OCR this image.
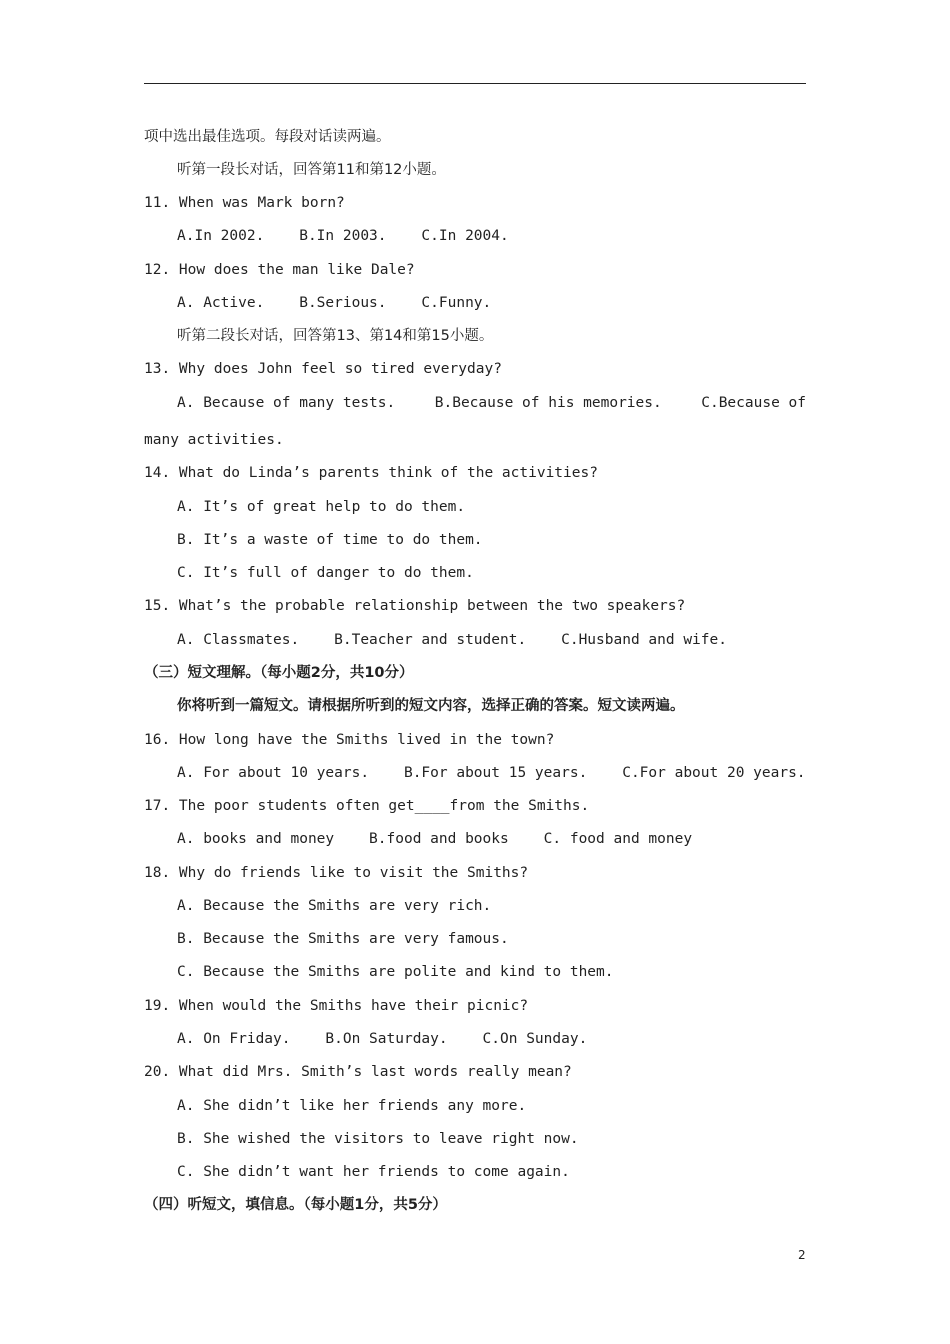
项中选出最佳选项。每段对话读两遍。
听第一段长对话，回答第11和第12小题。
11. When was Mark born?
A.In 2002.    B.In 2003.    C.In 2004.
12. How does the man like Dale?
A. Active.    B.Serious.    C.Funny.
听第二段长对话，回答第13、第14和第15小题。
13. Why does John feel so tired everyday?
A. Because of many tests.	B.Because of his memories.	C.Because of
many activities.
14. What do Linda’s parents think of the activities?
A. It’s of great help to do them.
B. It’s a waste of time to do them.
C. It’s full of danger to do them.
15. What’s the probable relationship between the two speakers?
A. Classmates.    B.Teacher and student.    C.Husband and wife.
（三）短文理解。（每小题2分，共10分）
你将听到一篇短文。请根据所听到的短文内容，选择正确的答案。短文读两遍。
16. How long have the Smiths lived in the town?
A. For about 10 years.    B.For about 15 years.    C.For about 20 years.
17. The poor students often get____from the Smiths.
A. books and money    B.food and books    C. food and money
18. Why do friends like to visit the Smiths?
A. Because the Smiths are very rich.
B. Because the Smiths are very famous.
C. Because the Smiths are polite and kind to them.
19. When would the Smiths have their picnic?
A. On Friday.    B.On Saturday.    C.On Sunday.
20. What did Mrs. Smith’s last words really mean?
A. She didn’t like her friends any more.
B. She wished the visitors to leave right now.
C. She didn’t want her friends to come again.
（四）听短文，填信息。（每小题1分，共5分）
2
